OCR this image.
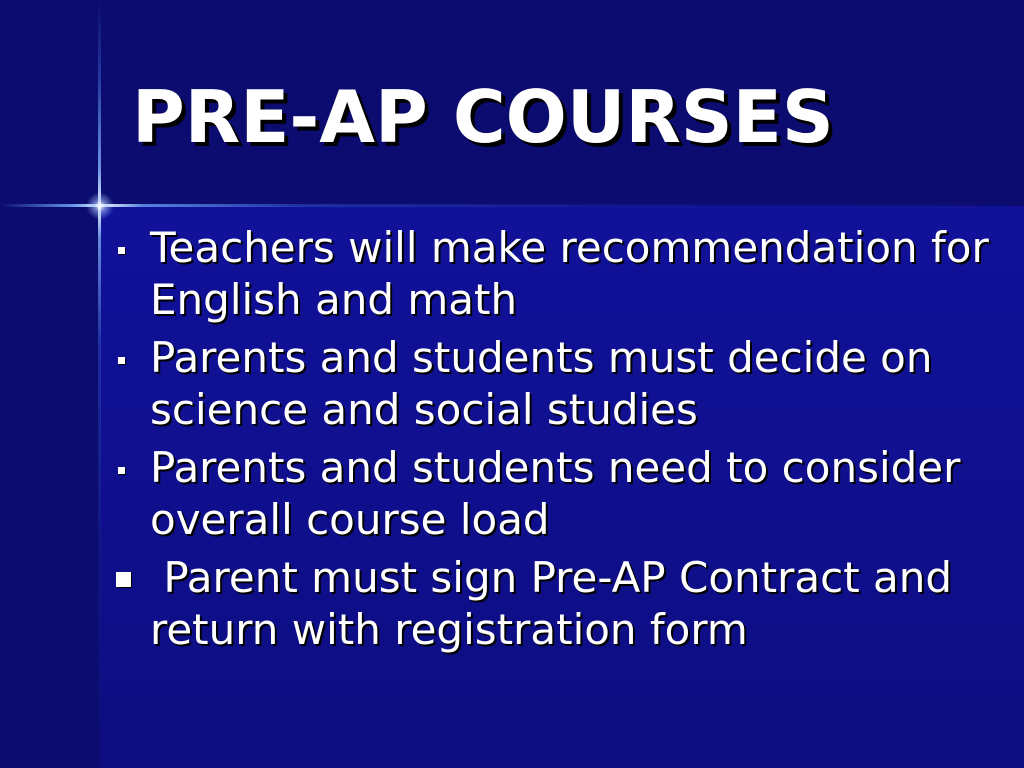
PRE-AP COURSES
Teachers will make recommendation for English and math
Parents and students must decide on science and social studies
Parents and students need to consider overall course load
Parent must sign Pre-AP Contract and return with registration form
